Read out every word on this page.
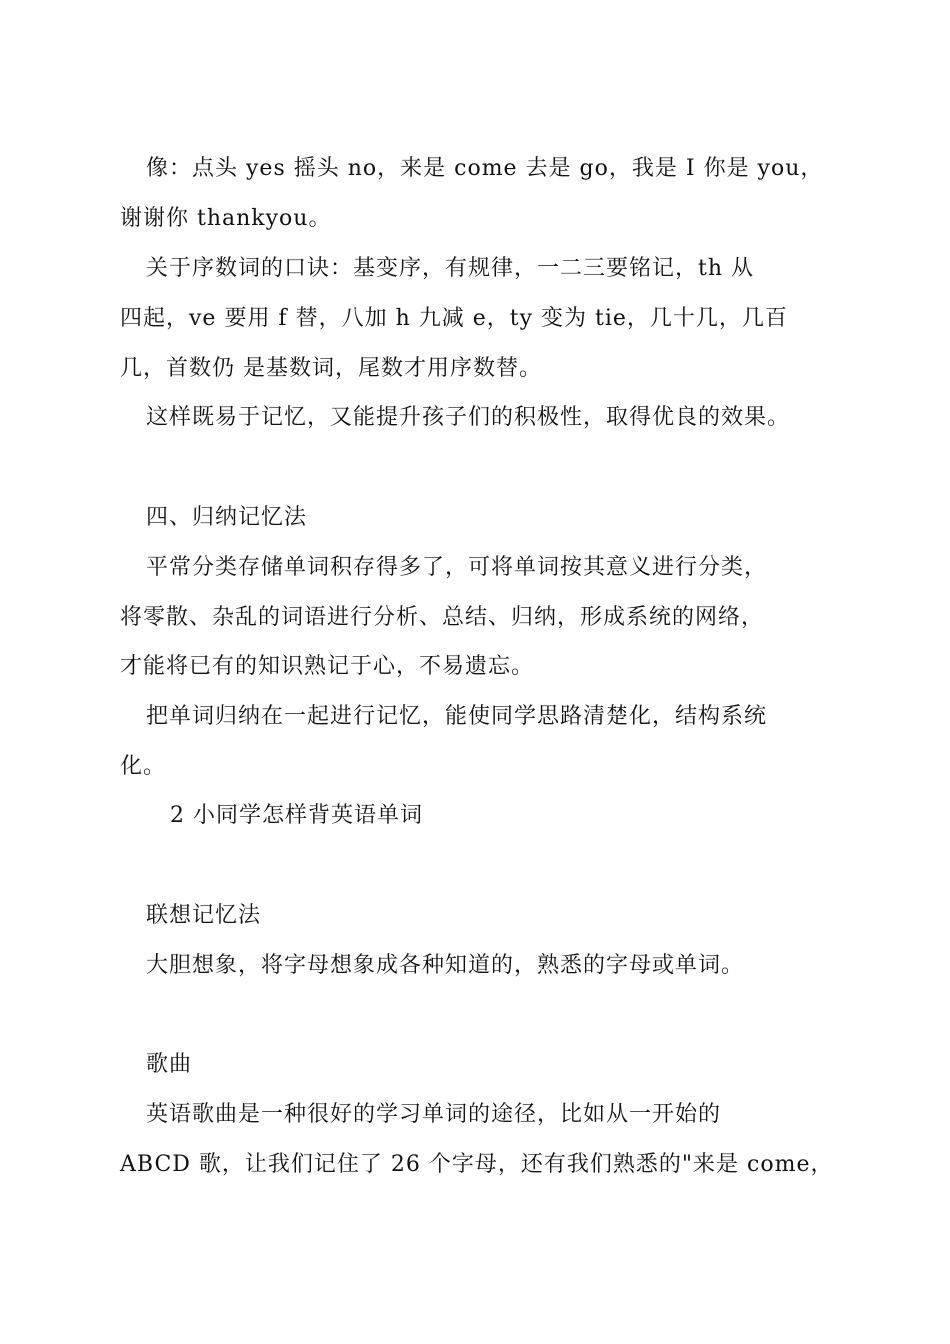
像：点头 yes 摇头 no，来是 come 去是 go，我是 I 你是 you，
谢谢你 thankyou。
关于序数词的口诀：基变序，有规律，一二三要铭记，th 从
四起，ve 要用 f 替，八加 h 九减 e，ty 变为 tie，几十几，几百
几，首数仍 是基数词，尾数才用序数替。
这样既易于记忆，又能提升孩子们的积极性，取得优良的效果。
四、归纳记忆法
平常分类存储单词积存得多了，可将单词按其意义进行分类，
将零散、杂乱的词语进行分析、总结、归纳，形成系统的网络，
才能将已有的知识熟记于心，不易遗忘。
把单词归纳在一起进行记忆，能使同学思路清楚化，结构系统
化。
2 小同学怎样背英语单词
联想记忆法
大胆想象，将字母想象成各种知道的，熟悉的字母或单词。
歌曲
英语歌曲是一种很好的学习单词的途径，比如从一开始的
ABCD 歌，让我们记住了 26 个字母，还有我们熟悉的"来是 come，
